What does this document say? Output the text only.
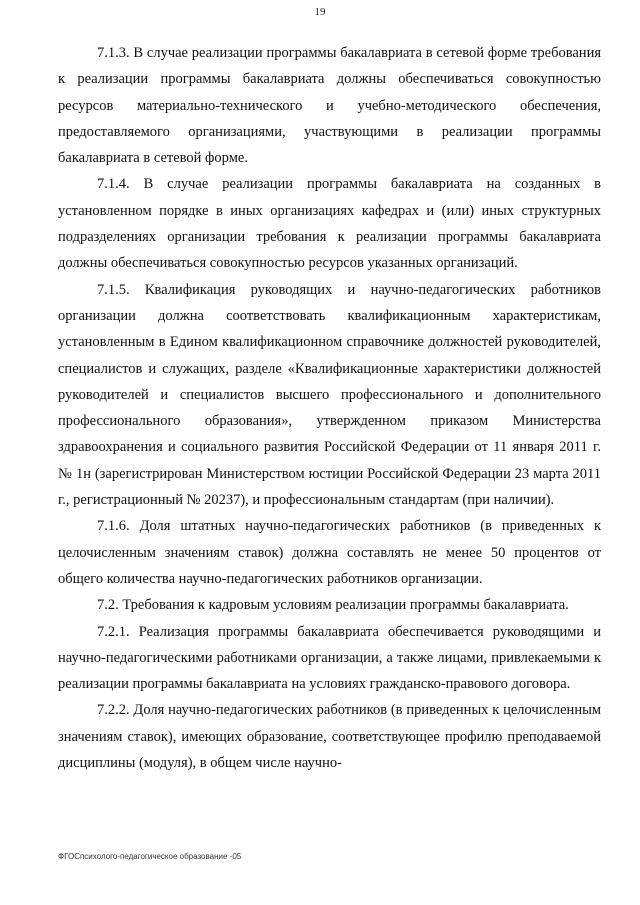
19

7.1.3. В случае реализации программы бакалавриата в сетевой форме требования к реализации программы бакалавриата должны обеспечиваться совокупностью ресурсов материально-технического и учебно-методического обеспечения, предоставляемого организациями, участвующими в реализации программы бакалавриата в сетевой форме.

7.1.4. В случае реализации программы бакалавриата на созданных в установленном порядке в иных организациях кафедрах и (или) иных структурных подразделениях организации требования к реализации программы бакалавриата должны обеспечиваться совокупностью ресурсов указанных организаций.

7.1.5. Квалификация руководящих и научно-педагогических работников организации должна соответствовать квалификационным характеристикам, установленным в Едином квалификационном справочнике должностей руководителей, специалистов и служащих, разделе «Квалификационные характеристики должностей руководителей и специалистов высшего профессионального и дополнительного профессионального образования», утвержденном приказом Министерства здравоохранения и социального развития Российской Федерации от 11 января 2011 г. № 1н (зарегистрирован Министерством юстиции Российской Федерации 23 марта 2011 г., регистрационный № 20237), и профессиональным стандартам (при наличии).

7.1.6. Доля штатных научно-педагогических работников (в приведенных к целочисленным значениям ставок) должна составлять не менее 50 процентов от общего количества научно-педагогических работников организации.

7.2. Требования к кадровым условиям реализации программы бакалавриата.

7.2.1. Реализация программы бакалавриата обеспечивается руководящими и научно-педагогическими работниками организации, а также лицами, привлекаемыми к реализации программы бакалавриата на условиях гражданско-правового договора.

7.2.2. Доля научно-педагогических работников (в приведенных к целочисленным значениям ставок), имеющих образование, соответствующее профилю преподаваемой дисциплины (модуля), в общем числе научно-

ФГОСпсихолого-педагогическое образование -05
